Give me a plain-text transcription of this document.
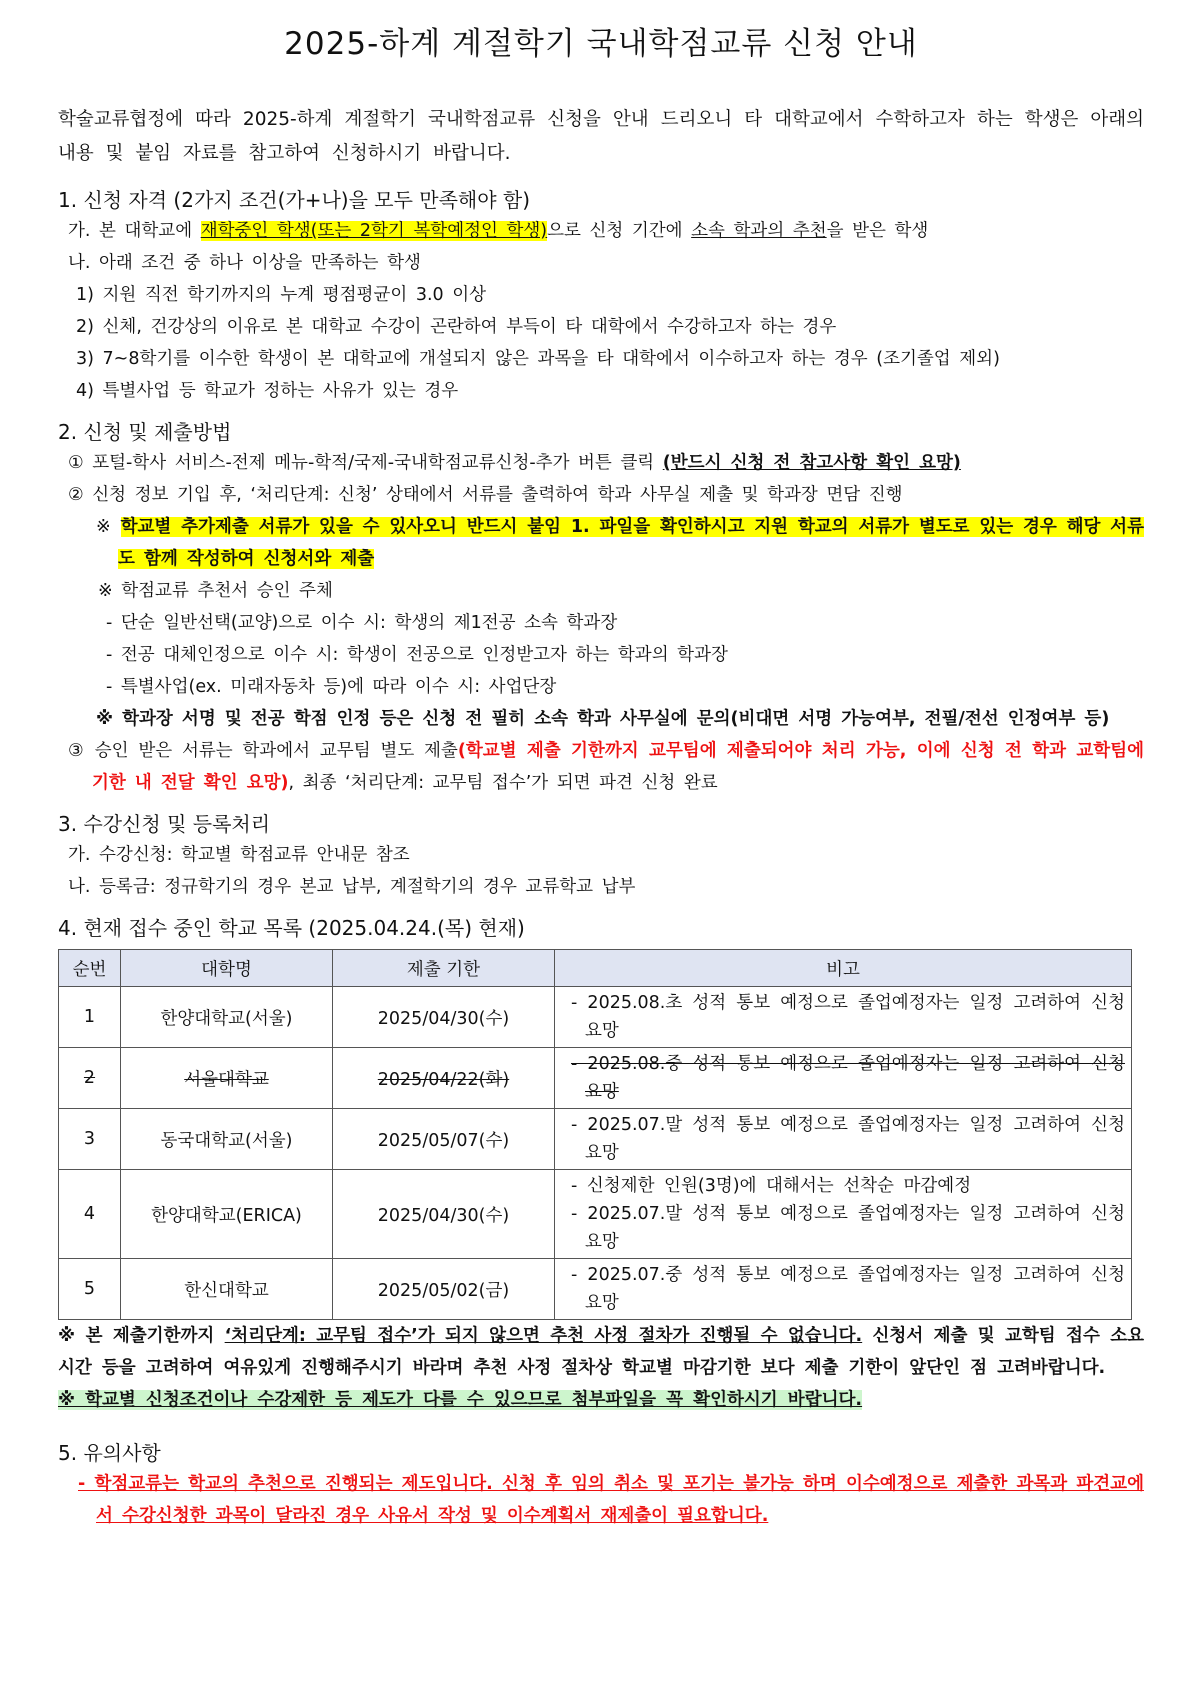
2025-하계 계절학기 국내학점교류 신청 안내

학술교류협정에 따라 2025-하계 계절학기 국내학점교류 신청을 안내 드리오니 타 대학교에서 수학하고자 하는 학생은 아래의 내용 및 붙임 자료를 참고하여 신청하시기 바랍니다.

1. 신청 자격 (2가지 조건(가+나)을 모두 만족해야 함)

가. 본 대학교에 재학중인 학생(또는 2학기 복학예정인 학생)으로 신청 기간에 소속 학과의 추천을 받은 학생

나. 아래 조건 중 하나 이상을 만족하는 학생

1) 지원 직전 학기까지의 누계 평점평균이 3.0 이상

2) 신체, 건강상의 이유로 본 대학교 수강이 곤란하여 부득이 타 대학에서 수강하고자 하는 경우

3) 7~8학기를 이수한 학생이 본 대학교에 개설되지 않은 과목을 타 대학에서 이수하고자 하는 경우 (조기졸업 제외)

4) 특별사업 등 학교가 정하는 사유가 있는 경우

2. 신청 및 제출방법

① 포털-학사 서비스-전제 메뉴-학적/국제-국내학점교류신청-추가 버튼 클릭 (반드시 신청 전 참고사항 확인 요망)

② 신청 정보 기입 후, ‘처리단계: 신청’ 상태에서 서류를 출력하여 학과 사무실 제출 및 학과장 면담 진행

※ 학교별 추가제출 서류가 있을 수 있사오니 반드시 붙임 1. 파일을 확인하시고 지원 학교의 서류가 별도로 있는 경우 해당 서류도 함께 작성하여 신청서와 제출

※ 학점교류 추천서 승인 주체

- 단순 일반선택(교양)으로 이수 시: 학생의 제1전공 소속 학과장

- 전공 대체인정으로 이수 시: 학생이 전공으로 인정받고자 하는 학과의 학과장

- 특별사업(ex. 미래자동차 등)에 따라 이수 시: 사업단장

※ 학과장 서명 및 전공 학점 인정 등은 신청 전 필히 소속 학과 사무실에 문의(비대면 서명 가능여부, 전필/전선 인정여부 등)

③ 승인 받은 서류는 학과에서 교무팀 별도 제출(학교별 제출 기한까지 교무팀에 제출되어야 처리 가능, 이에 신청 전 학과 교학팀에 기한 내 전달 확인 요망), 최종 ‘처리단계: 교무팀 접수’가 되면 파견 신청 완료

3. 수강신청 및 등록처리

가. 수강신청: 학교별 학점교류 안내문 참조

나. 등록금: 정규학기의 경우 본교 납부, 계절학기의 경우 교류학교 납부

4. 현재 접수 중인 학교 목록 (2025.04.24.(목) 현재)

순번	대학명	제출 기한	비고
1	한양대학교(서울)	2025/04/30(수)	- 2025.08.초 성적 통보 예정으로 졸업예정자는 일정 고려하여 신청 요망

2	서울대학교	2025/04/22(화)	- 2025.08.중 성적 통보 예정으로 졸업예정자는 일정 고려하여 신청 요망

3	동국대학교(서울)	2025/05/07(수)	- 2025.07.말 성적 통보 예정으로 졸업예정자는 일정 고려하여 신청 요망

4	한양대학교(ERICA)	2025/04/30(수)	- 신청제한 인원(3명)에 대해서는 선착순 마감예정
- 2025.07.말 성적 통보 예정으로 졸업예정자는 일정 고려하여 신청 요망

5	한신대학교	2025/05/02(금)	- 2025.07.중 성적 통보 예정으로 졸업예정자는 일정 고려하여 신청 요망

※ 본 제출기한까지 ‘처리단계: 교무팀 접수’가 되지 않으면 추천 사정 절차가 진행될 수 없습니다. 신청서 제출 및 교학팀 접수 소요시간 등을 고려하여 여유있게 진행해주시기 바라며 추천 사정 절차상 학교별 마감기한 보다 제출 기한이 앞단인 점 고려바랍니다.

※ 학교별 신청조건이나 수강제한 등 제도가 다를 수 있으므로 첨부파일을 꼭 확인하시기 바랍니다.

5. 유의사항

- 학점교류는 학교의 추천으로 진행되는 제도입니다. 신청 후 임의 취소 및 포기는 불가능 하며 이수예정으로 제출한 과목과 파견교에서 수강신청한 과목이 달라진 경우 사유서 작성 및 이수계획서 재제출이 필요합니다.
